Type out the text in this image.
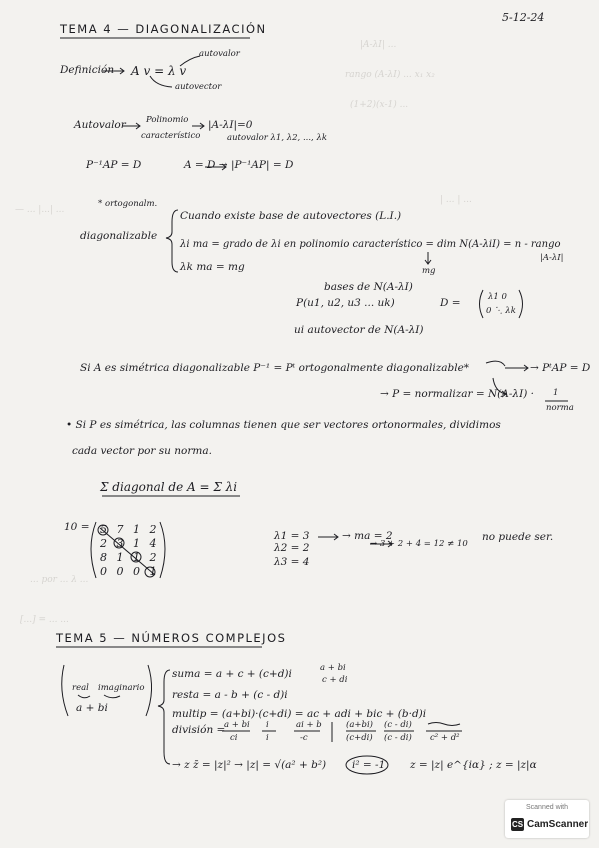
|A-λI| ...
rango (A-λI) ... x₁ x₂
(1+2)(x-1) ...
— ... |...| ...
| ... | ...
... por ... λ ...
[...] = ... ...
5-12-24
TEMA 4 — DIAGONALIZACIÓN
Definición A v = λ v
autovalor
autovector
Autovalor Polinomio
característico
|A-λI|=0
autovalor λ1, λ2, ..., λk
P⁻¹AP = D	A = D → |P⁻¹AP| = D
* ortogonalm.
diagonalizable
Cuando existe base de autovectores (L.I.)
λi ma = grado de λi en polinomio característico = dim N(A-λiI) = n - rango
|A-λI|
λk ma = mg	mg
bases de N(A-λI)
P(u1, u2, u3 ... uk)	D =	λ1 0
0 ⋱ λk
ui autovector de N(A-λI)
Si A es simétrica diagonalizable P⁻¹ = Pᵗ ortogonalmente diagonalizable*	→ PᵗAP = D
→ P = normalizar = N(A-λI) · 1
norma
• Si P es simétrica, las columnas tienen que ser vectores ortonormales, dividimos
cada vector por su norma.
Σ diagonal de A = Σ λi
10 = 5 7 1 2
2 3 1 4
8 1 1 2
0 0 0 1
λ1 = 3	→ ma = 2
λ2 = 2
λ3 = 4
→ 3 + 2 + 4 = 12 ≠ 10
no puede ser.
TEMA 5 — NÚMEROS COMPLEJOS
real imaginario
a + bi
suma = a + c + (c+d)i	a + bi
c + di
resta = a - b + (c - d)i
multip = (a+bi)·(c+di) = ac + adi + bic + (b·d)i
división =
a + bi
ci
i
i
ai + b
-c
(a+bi)
(c+di)
(c - di)
(c - di) c² + d²
→ z z̄ = |z|² → |z| = √(a² + b²) i² = -1 z = |z| e^{iα} ; z = |z|α
Scanned with
CS CamScanner
